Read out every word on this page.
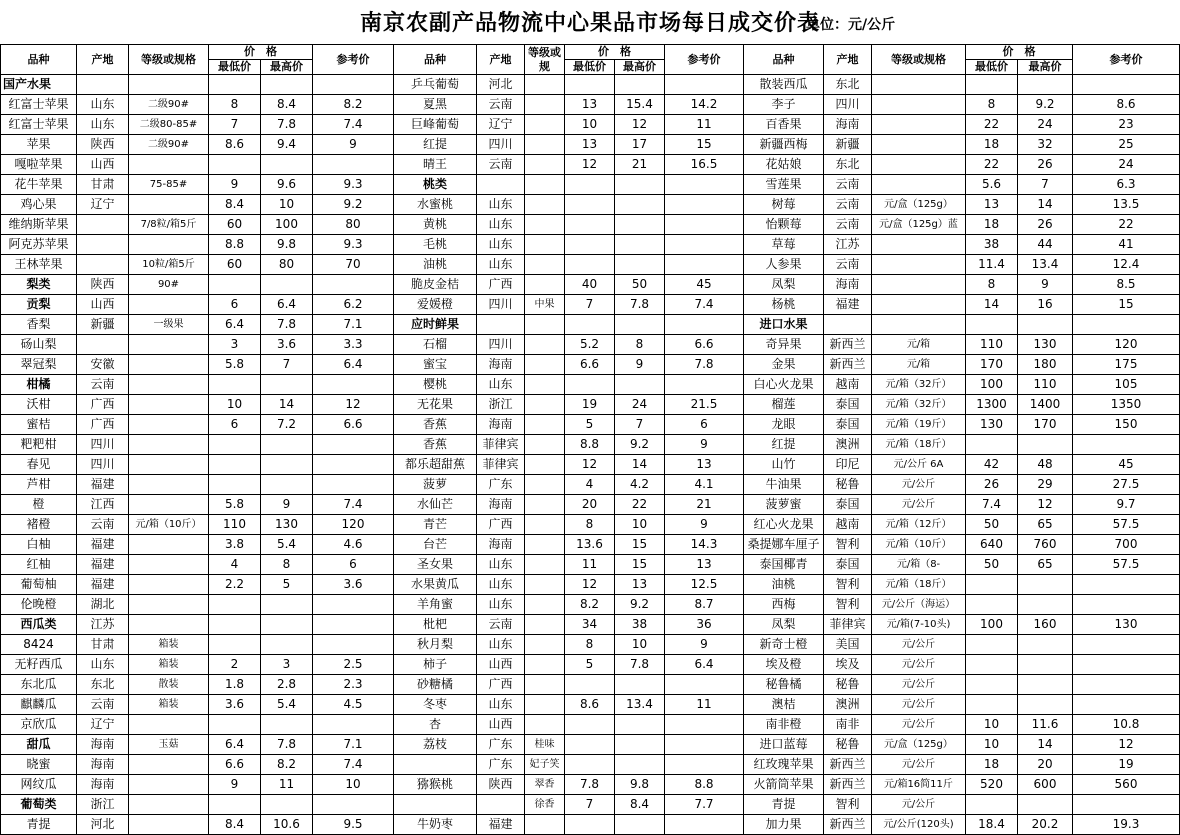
南京农副产品物流中心果品市场每日成交价表
单位：元/公斤
品种	产地	等级或规格	价　格		参考价	品种	产地	等级或规	价　格		参考价	品种	产地	等级或规格	价　格		参考价
			最低价	最高价					最低价	最高价					最低价	最高价	
国产水果						乒乓葡萄	河北					散装西瓜	东北				
红富士苹果	山东	二级90#	8	8.4	8.2	夏黑	云南		13	15.4	14.2	李子	四川		8	9.2	8.6
红富士苹果	山东	二级80-85#	7	7.8	7.4	巨峰葡萄	辽宁		10	12	11	百香果	海南		22	24	23
苹果	陕西	二级90#	8.6	9.4	9	红提	四川		13	17	15	新疆西梅	新疆		18	32	25
嘎啦苹果	山西					晴王	云南		12	21	16.5	花姑娘	东北		22	26	24
花牛苹果	甘肃	75-85#	9	9.6	9.3	桃类						雪莲果	云南		5.6	7	6.3
鸡心果	辽宁		8.4	10	9.2	水蜜桃	山东					树莓	云南	元/盒（125g）	13	14	13.5
维纳斯苹果		7/8粒/箱5斤	60	100	80	黄桃	山东					怡颗莓	云南	元/盒（125g）蓝	18	26	22
阿克苏苹果			8.8	9.8	9.3	毛桃	山东					草莓	江苏		38	44	41
王林苹果		10粒/箱5斤	60	80	70	油桃	山东					人参果	云南		11.4	13.4	12.4
梨类	陕西	90#				脆皮金桔	广西		40	50	45	凤梨	海南		8	9	8.5
贡梨	山西		6	6.4	6.2	爱媛橙	四川	中果	7	7.8	7.4	杨桃	福建		14	16	15
香梨	新疆	一级果	6.4	7.8	7.1	应时鲜果						进口水果					
砀山梨			3	3.6	3.3	石榴	四川		5.2	8	6.6	奇异果	新西兰	元/箱	110	130	120
翠冠梨	安徽		5.8	7	6.4	蜜宝	海南		6.6	9	7.8	金果	新西兰	元/箱	170	180	175
柑橘	云南					樱桃	山东					白心火龙果	越南	元/箱（32斤）	100	110	105
沃柑	广西		10	14	12	无花果	浙江		19	24	21.5	榴莲	泰国	元/箱（32斤）	1300	1400	1350
蜜桔	广西		6	7.2	6.6	香蕉	海南		5	7	6	龙眼	泰国	元/箱（19斤）	130	170	150
粑粑柑	四川					香蕉	菲律宾		8.8	9.2	9	红提	澳洲	元/箱（18斤）			
春见	四川					都乐超甜蕉	菲律宾		12	14	13	山竹	印尼	元/公斤 6A	42	48	45
芦柑	福建					菠萝	广东		4	4.2	4.1	牛油果	秘鲁	元/公斤	26	29	27.5
橙	江西		5.8	9	7.4	水仙芒	海南		20	22	21	菠萝蜜	泰国	元/公斤	7.4	12	9.7
褚橙	云南	元/箱（10斤）	110	130	120	青芒	广西		8	10	9	红心火龙果	越南	元/箱（12斤）	50	65	57.5
白柚	福建		3.8	5.4	4.6	台芒	海南		13.6	15	14.3	桑提娜车厘子	智利	元/箱（10斤）	640	760	700
红柚	福建		4	8	6	圣女果	山东		11	15	13	泰国椰青	泰国	元/箱（8-	50	65	57.5
葡萄柚	福建		2.2	5	3.6	水果黄瓜	山东		12	13	12.5	油桃	智利	元/箱（18斤）			
伦晚橙	湖北					羊角蜜	山东		8.2	9.2	8.7	西梅	智利	元/公斤（海运）			
西瓜类	江苏					枇杷	云南		34	38	36	凤梨	菲律宾	元/箱(7-10头)	100	160	130
8424	甘肃	箱装				秋月梨	山东		8	10	9	新奇士橙	美国	元/公斤			
无籽西瓜	山东	箱装	2	3	2.5	柿子	山西		5	7.8	6.4	埃及橙	埃及	元/公斤			
东北瓜	东北	散装	1.8	2.8	2.3	砂糖橘	广西					秘鲁橘	秘鲁	元/公斤			
麒麟瓜	云南	箱装	3.6	5.4	4.5	冬枣	山东		8.6	13.4	11	澳桔	澳洲	元/公斤			
京欣瓜	辽宁					杏	山西					南非橙	南非	元/公斤	10	11.6	10.8
甜瓜	海南	玉菇	6.4	7.8	7.1	荔枝	广东	桂味				进口蓝莓	秘鲁	元/盒（125g）	10	14	12
晓蜜	海南		6.6	8.2	7.4		广东	妃子笑				红玫瑰苹果	新西兰	元/公斤	18	20	19
网纹瓜	海南		9	11	10	猕猴桃	陕西	翠香	7.8	9.8	8.8	火箭筒苹果	新西兰	元/箱16简11斤	520	600	560
葡萄类	浙江							徐香	7	8.4	7.7	青提	智利	元/公斤			
青提	河北		8.4	10.6	9.5	牛奶枣	福建					加力果	新西兰	元/公斤(120头)	18.4	20.2	19.3
